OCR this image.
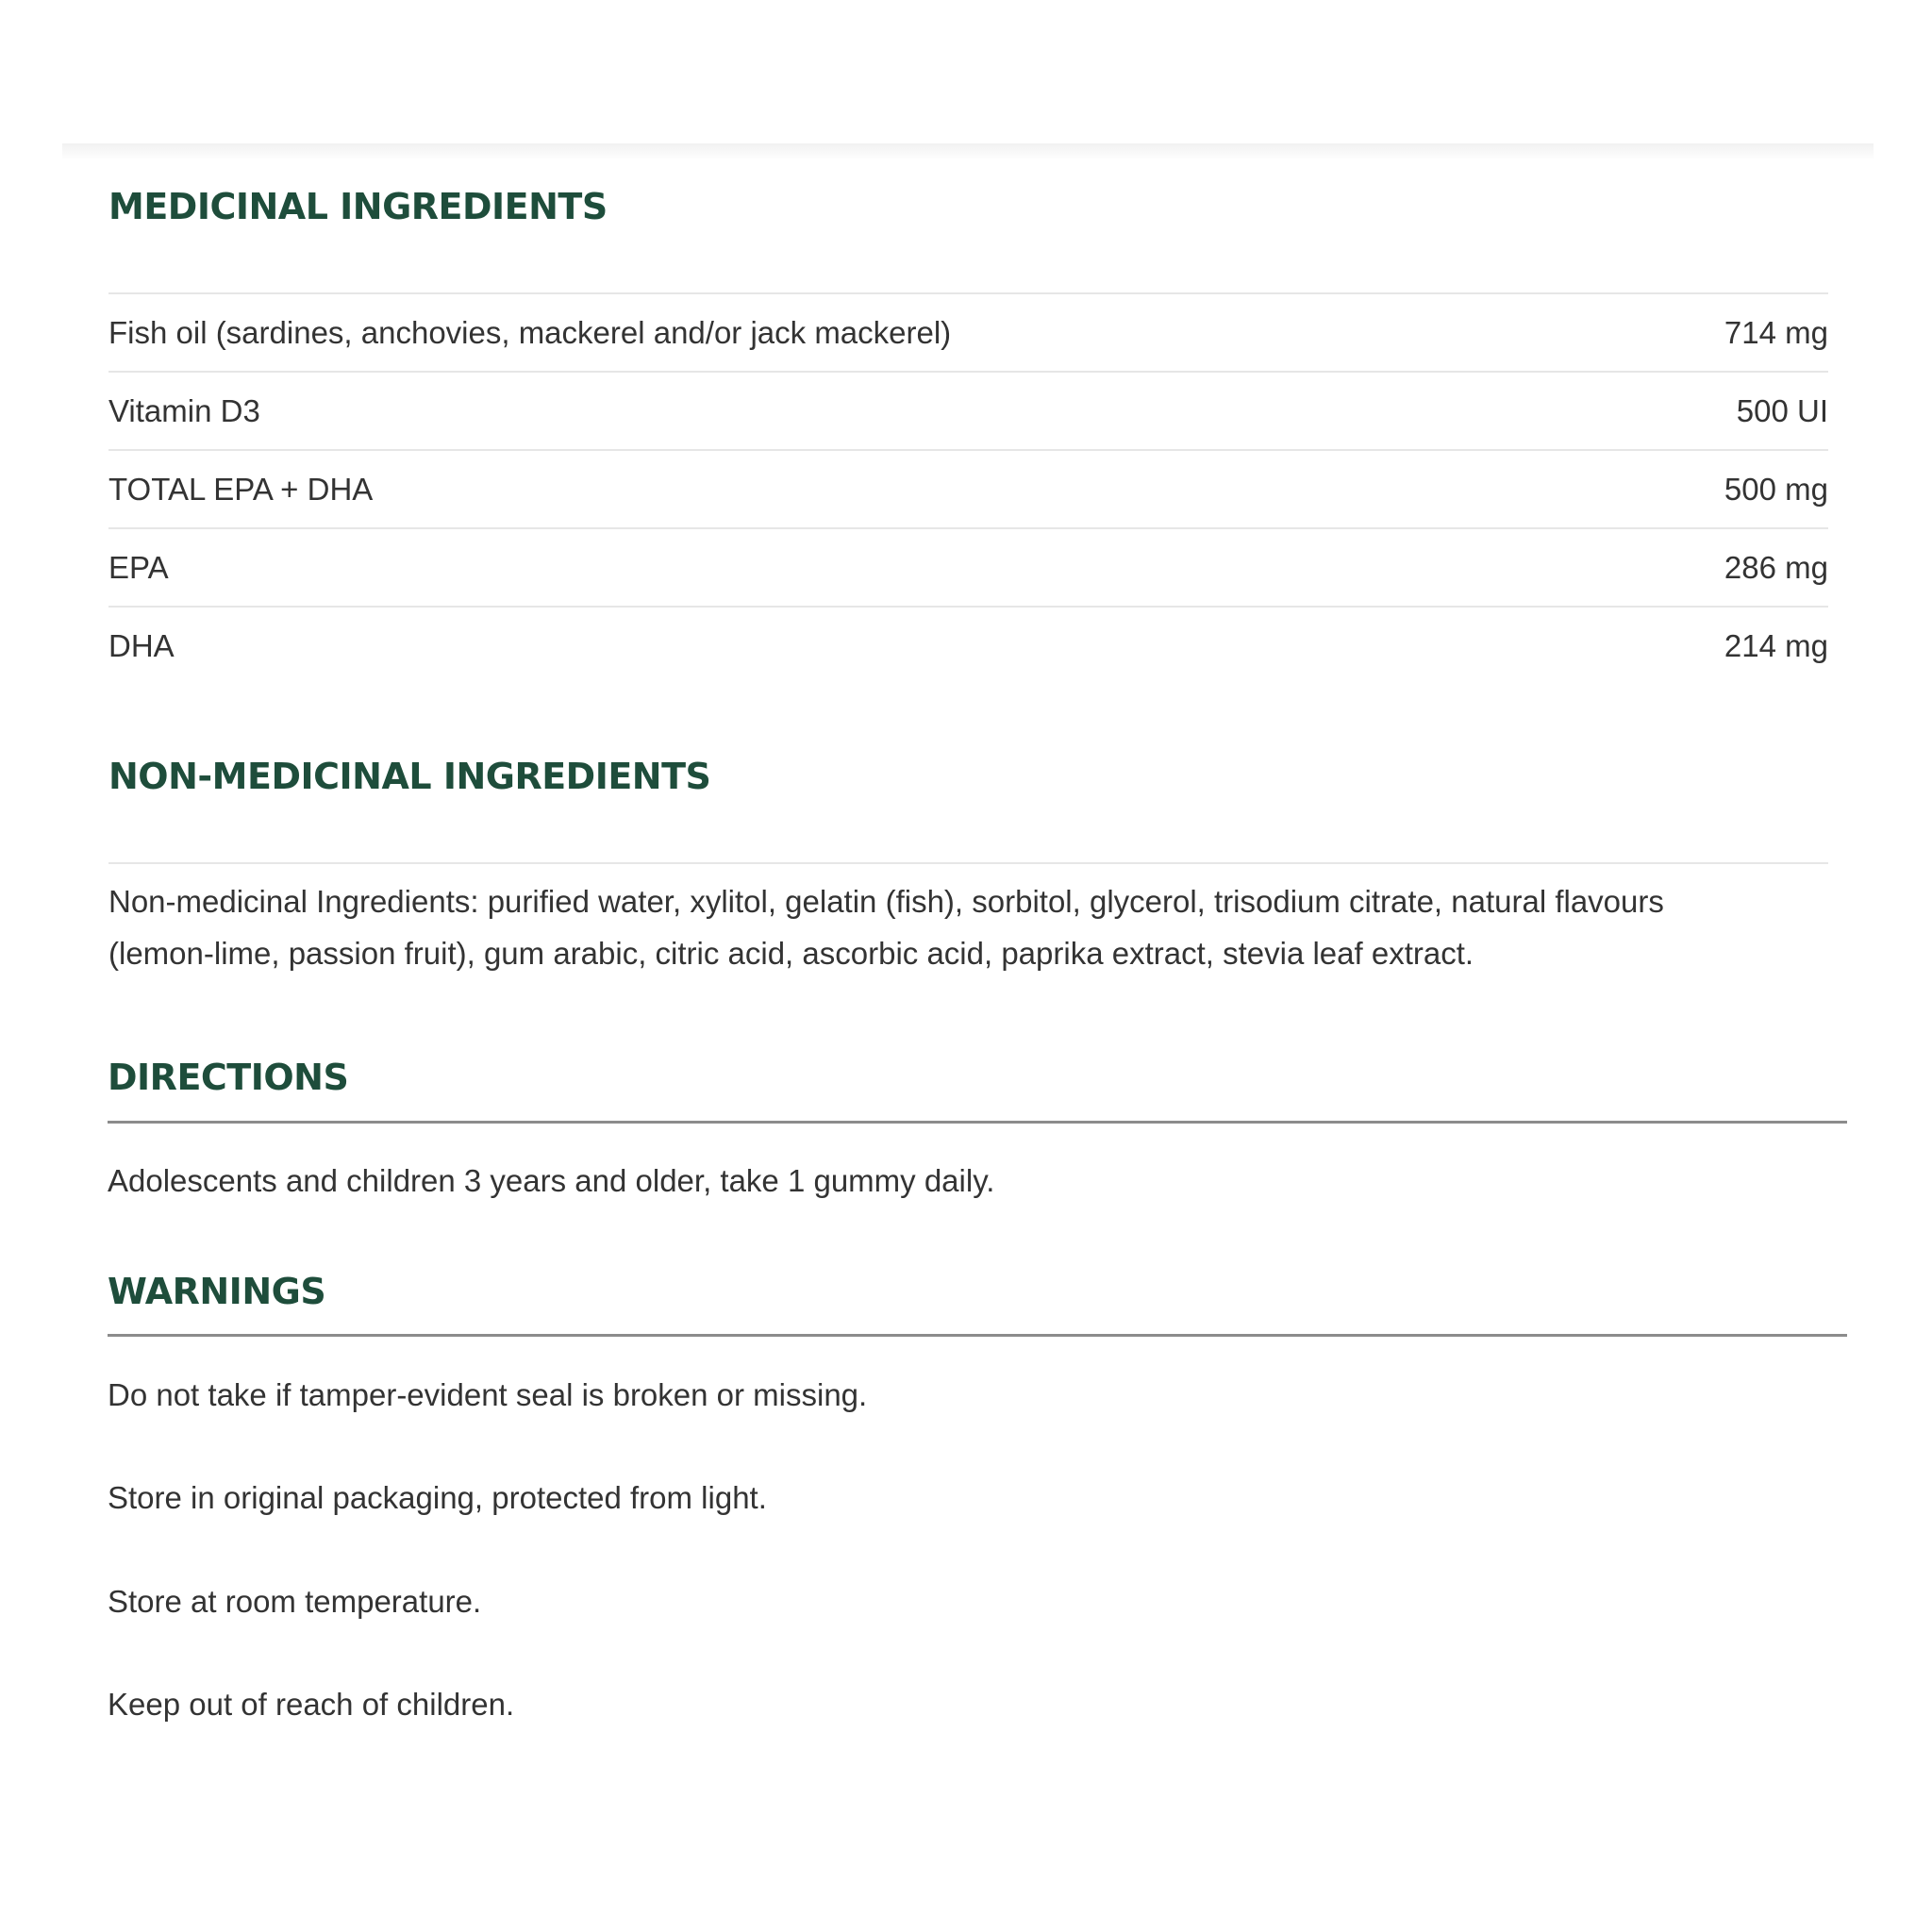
MEDICINAL INGREDIENTS
Fish oil (sardines, anchovies, mackerel and/or jack mackerel)	714 mg
Vitamin D3	500 UI
TOTAL EPA + DHA	500 mg
EPA	286 mg
DHA	214 mg
NON-MEDICINAL INGREDIENTS

Non-medicinal Ingredients: purified water, xylitol, gelatin (fish), sorbitol, glycerol, trisodium citrate, natural flavours

(lemon-lime, passion fruit), gum arabic, citric acid, ascorbic acid, paprika extract, stevia leaf extract.

DIRECTIONS

Adolescents and children 3 years and older, take 1 gummy daily.

WARNINGS

Do not take if tamper-evident seal is broken or missing.

Store in original packaging, protected from light.

Store at room temperature.

Keep out of reach of children.
